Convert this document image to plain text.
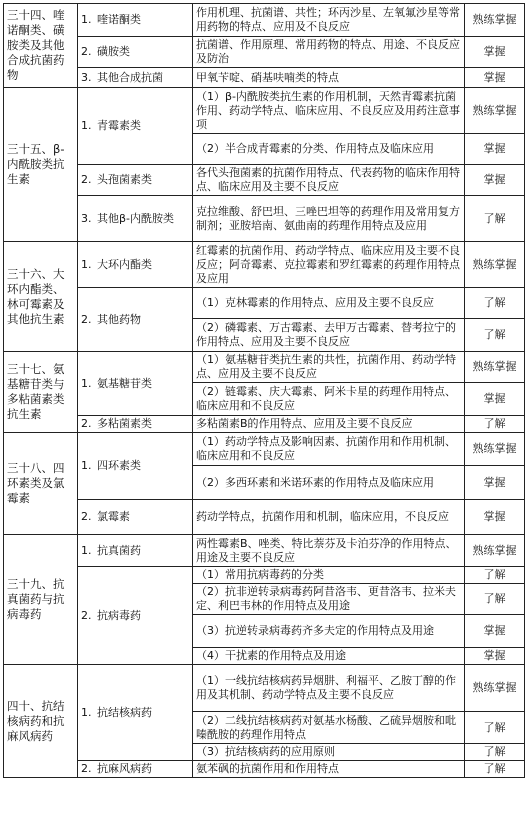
三十四、喹诺酮类、磺胺类及其他合成抗菌药物	1. 喹诺酮类	作用机理、抗菌谱、共性；环丙沙星、左氧氟沙星等常用药物的特点、应用及不良反应	熟练掌握
	2. 磺胺类	抗菌谱、作用原理、常用药物的特点、用途、不良反应及防治	掌握
	3. 其他合成抗菌	甲氧苄啶、硝基呋喃类的特点	掌握
三十五、β-内酰胺类抗生素	1. 青霉素类	（1）β-内酰胺类抗生素的作用机制，天然青霉素抗菌作用、药动学特点、临床应用、不良反应及用药注意事项	熟练掌握
		（2）半合成青霉素的分类、作用特点及临床应用	掌握
	2. 头孢菌素类	各代头孢菌素的抗菌作用特点、代表药物的临床作用特点、临床应用及主要不良反应	掌握
	3. 其他β-内酰胺类	克拉维酸、舒巴坦、三唑巴坦等的药理作用及常用复方制剂；亚胺培南、氨曲南的药理作用特点及应用	了解
三十六、大环内酯类、林可霉素及其他抗生素	1. 大环内酯类	红霉素的抗菌作用、药动学特点、临床应用及主要不良反应；阿奇霉素、克拉霉素和罗红霉素的药理作用特点及应用	熟练掌握
	2. 其他药物	（1）克林霉素的作用特点、应用及主要不良反应	了解
		（2）磷霉素、万古霉素、去甲万古霉素、替考拉宁的作用特点、应用及主要不良反应	了解
三十七、氨基糖苷类与多粘菌素类抗生素	1. 氨基糖苷类	（1）氨基糖苷类抗生素的共性，抗菌作用、药动学特点、应用及主要不良反应	熟练掌握
		（2）链霉素、庆大霉素、阿米卡星的药理作用特点、临床应用和不良反应	掌握
	2. 多粘菌素类	多粘菌素B的作用特点、应用及主要不良反应	了解
三十八、四环素类及氯霉素	1. 四环素类	（1）药动学特点及影响因素、抗菌作用和作用机制、临床应用和不良反应	熟练掌握
		（2）多西环素和米诺环素的作用特点及临床应用	掌握
	2. 氯霉素	药动学特点，抗菌作用和机制，临床应用，不良反应	掌握
三十九、抗真菌药与抗病毒药	1. 抗真菌药	两性霉素B、唑类、特比萘芬及卡泊芬净的作用特点、用途及主要不良反应	熟练掌握
	2. 抗病毒药	（1）常用抗病毒药的分类	了解
		（2）抗非逆转录病毒药阿昔洛韦、更昔洛韦、拉米夫定、利巴韦林的作用特点及用途	了解
		（3）抗逆转录病毒药齐多夫定的作用特点及用途	掌握
		（4）干扰素的作用特点及用途	掌握
四十、抗结核病药和抗麻风病药	1. 抗结核病药	（1）一线抗结核病药异烟肼、利福平、乙胺丁醇的作用及其机制、药动学特点及主要不良反应	熟练掌握
		（2）二线抗结核病药对氨基水杨酸、乙硫异烟胺和吡嗪酰胺的药理作用特点	了解
		（3）抗结核病药的应用原则	了解
	2. 抗麻风病药	氨苯砜的抗菌作用和作用特点	了解
